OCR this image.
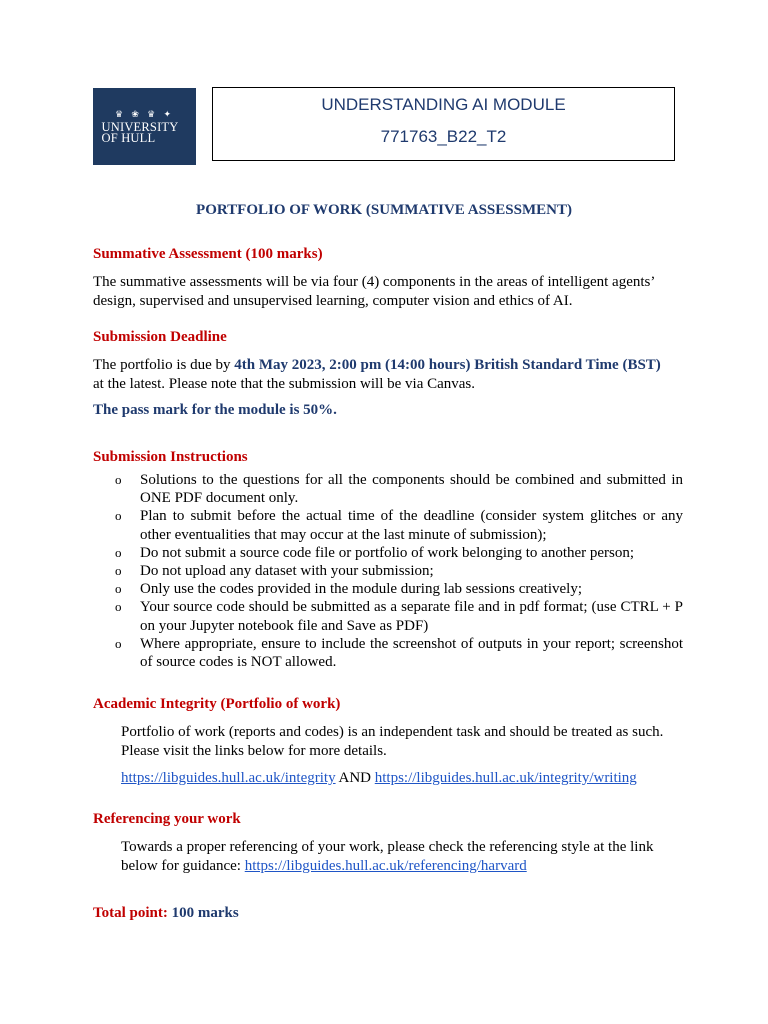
♛ ❀ ♛ ✦
UNIVERSITY
OF HULL
UNDERSTANDING AI MODULE
771763_B22_T2
PORTFOLIO OF WORK (SUMMATIVE ASSESSMENT)
Summative Assessment (100 marks)
The summative assessments will be via four (4) components in the areas of intelligent agents’ design, supervised and unsupervised learning, computer vision and ethics of AI.
Submission Deadline
The portfolio is due by 4th May 2023, 2:00 pm (14:00 hours) British Standard Time (BST)
at the latest. Please note that the submission will be via Canvas.
The pass mark for the module is 50%.
Submission Instructions
o Solutions to the questions for all the components should be combined and submitted in ONE PDF document only.
o Plan to submit before the actual time of the deadline (consider system glitches or any other eventualities that may occur at the last minute of submission);
o Do not submit a source code file or portfolio of work belonging to another person;
o Do not upload any dataset with your submission;
o Only use the codes provided in the module during lab sessions creatively;
o Your source code should be submitted as a separate file and in pdf format; (use CTRL + P on your Jupyter notebook file and Save as PDF)
o Where appropriate, ensure to include the screenshot of outputs in your report; screenshot of source codes is NOT allowed.
Academic Integrity (Portfolio of work)
Portfolio of work (reports and codes) is an independent task and should be treated as such. Please visit the links below for more details.
https://libguides.hull.ac.uk/integrity AND https://libguides.hull.ac.uk/integrity/writing
Referencing your work
Towards a proper referencing of your work, please check the referencing style at the link below for guidance: https://libguides.hull.ac.uk/referencing/harvard
Total point: 100 marks
